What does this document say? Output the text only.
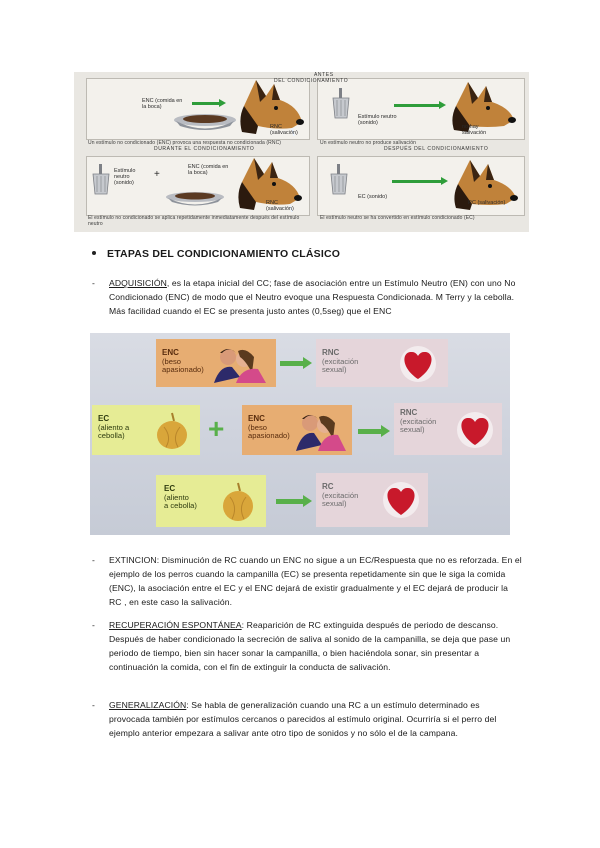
ANTES
DEL CONDICIONAMIENTO
DURANTE EL CONDICIONAMIENTO	DESPUÉS DEL CONDICIONAMIENTO
ENC (comida en la boca)
RNC (salivación)
Estímulo neutro (sonido)
no hay salivación
Un estímulo no condicionado (ENC) provoca una respuesta no condicionada (RNC)	Un estímulo neutro no produce salivación
Estímulo neutro (sonido)
+
ENC (comida en la boca)
RNC (salivación)
EC (sonido)
RC (salivación)
El estímulo no condicionado se aplica repetidamente inmediatamente después del estímulo neutro
El estímulo neutro se ha convertido en estímulo condicionado (EC)
ETAPAS DEL CONDICIONAMIENTO CLÁSICO
- ADQUISICIÓN, es la etapa inicial del CC; fase de asociación entre un Estímulo Neutro (EN) con uno No Condicionado (ENC) de modo que el Neutro evoque una Respuesta Condicionada. M Terry y la cebolla.
Más facilidad cuando el EC se presenta justo antes (0,5seg) que el ENC
ENC
(beso
apasionado)
RNC
(excitación
sexual)
EC
(aliento a
cebolla)	+	ENC
(beso
apasionado)
RNC
(excitación
sexual)
EC
(aliento
a cebolla)
RC
(excitación
sexual)
- EXTINCION: Disminución de RC cuando un ENC no sigue a un EC/Respuesta que no es reforzada. En el ejemplo de los perros cuando la campanilla (EC) se presenta repetidamente sin que le siga la comida (ENC), la asociación entre el EC y el ENC dejará de existir gradualmente y el EC dejará de producir la RC , en este caso la salivación.
- RECUPERACIÓN ESPONTÁNEA: Reaparición de RC extinguida después de periodo de descanso. Después de haber condicionado la secreción de saliva al sonido de la campanilla, se deja que pase un periodo de tiempo, bien sin hacer sonar la campanilla, o bien haciéndola sonar, sin presentar a continuación la comida, con el fin de extinguir la conducta de salivación.
- GENERALIZACIÓN: Se habla de generalización cuando una RC a un estímulo determinado es provocada también por estímulos cercanos o parecidos al estímulo original. Ocurriría si el perro del ejemplo anterior empezara a salivar ante otro tipo de sonidos y no sólo el de la campana.
